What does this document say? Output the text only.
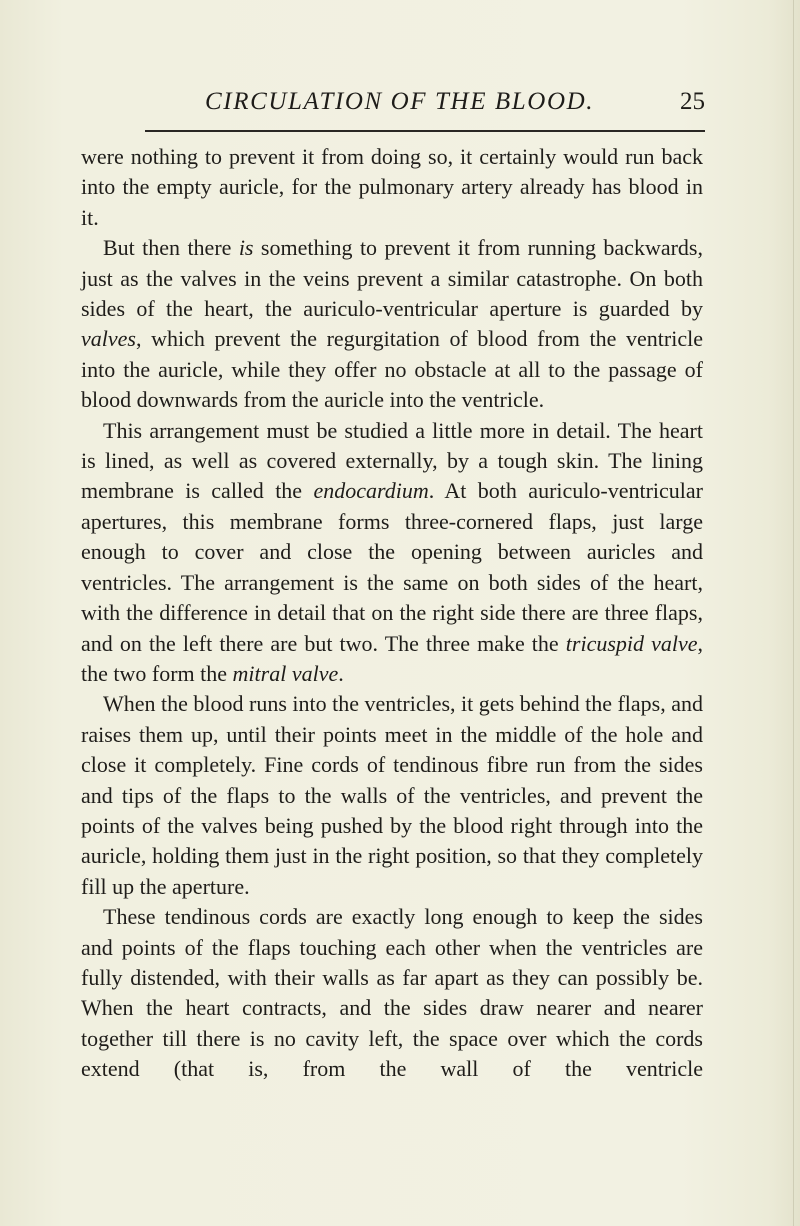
CIRCULATION OF THE BLOOD.	25

were nothing to prevent it from doing so, it certainly would run back into the empty auricle, for the pulmonary artery already has blood in it.

But then there is something to prevent it from running backwards, just as the valves in the veins prevent a similar catastrophe. On both sides of the heart, the auriculo-ventricular aperture is guarded by valves, which prevent the regurgitation of blood from the ventricle into the auricle, while they offer no obstacle at all to the passage of blood downwards from the auricle into the ventricle.

This arrangement must be studied a little more in detail. The heart is lined, as well as covered externally, by a tough skin. The lining membrane is called the endocardium. At both auriculo-ventricular apertures, this membrane forms three-cornered flaps, just large enough to cover and close the opening between auricles and ventricles. The arrangement is the same on both sides of the heart, with the difference in detail that on the right side there are three flaps, and on the left there are but two. The three make the tricuspid valve, the two form the mitral valve.

When the blood runs into the ventricles, it gets behind the flaps, and raises them up, until their points meet in the middle of the hole and close it completely. Fine cords of tendinous fibre run from the sides and tips of the flaps to the walls of the ventricles, and prevent the points of the valves being pushed by the blood right through into the auricle, holding them just in the right position, so that they completely fill up the aperture.

These tendinous cords are exactly long enough to keep the sides and points of the flaps touching each other when the ventricles are fully distended, with their walls as far apart as they can possibly be. When the heart contracts, and the sides draw nearer and nearer together till there is no cavity left, the space over which the cords extend (that is, from the wall of the ventricle
